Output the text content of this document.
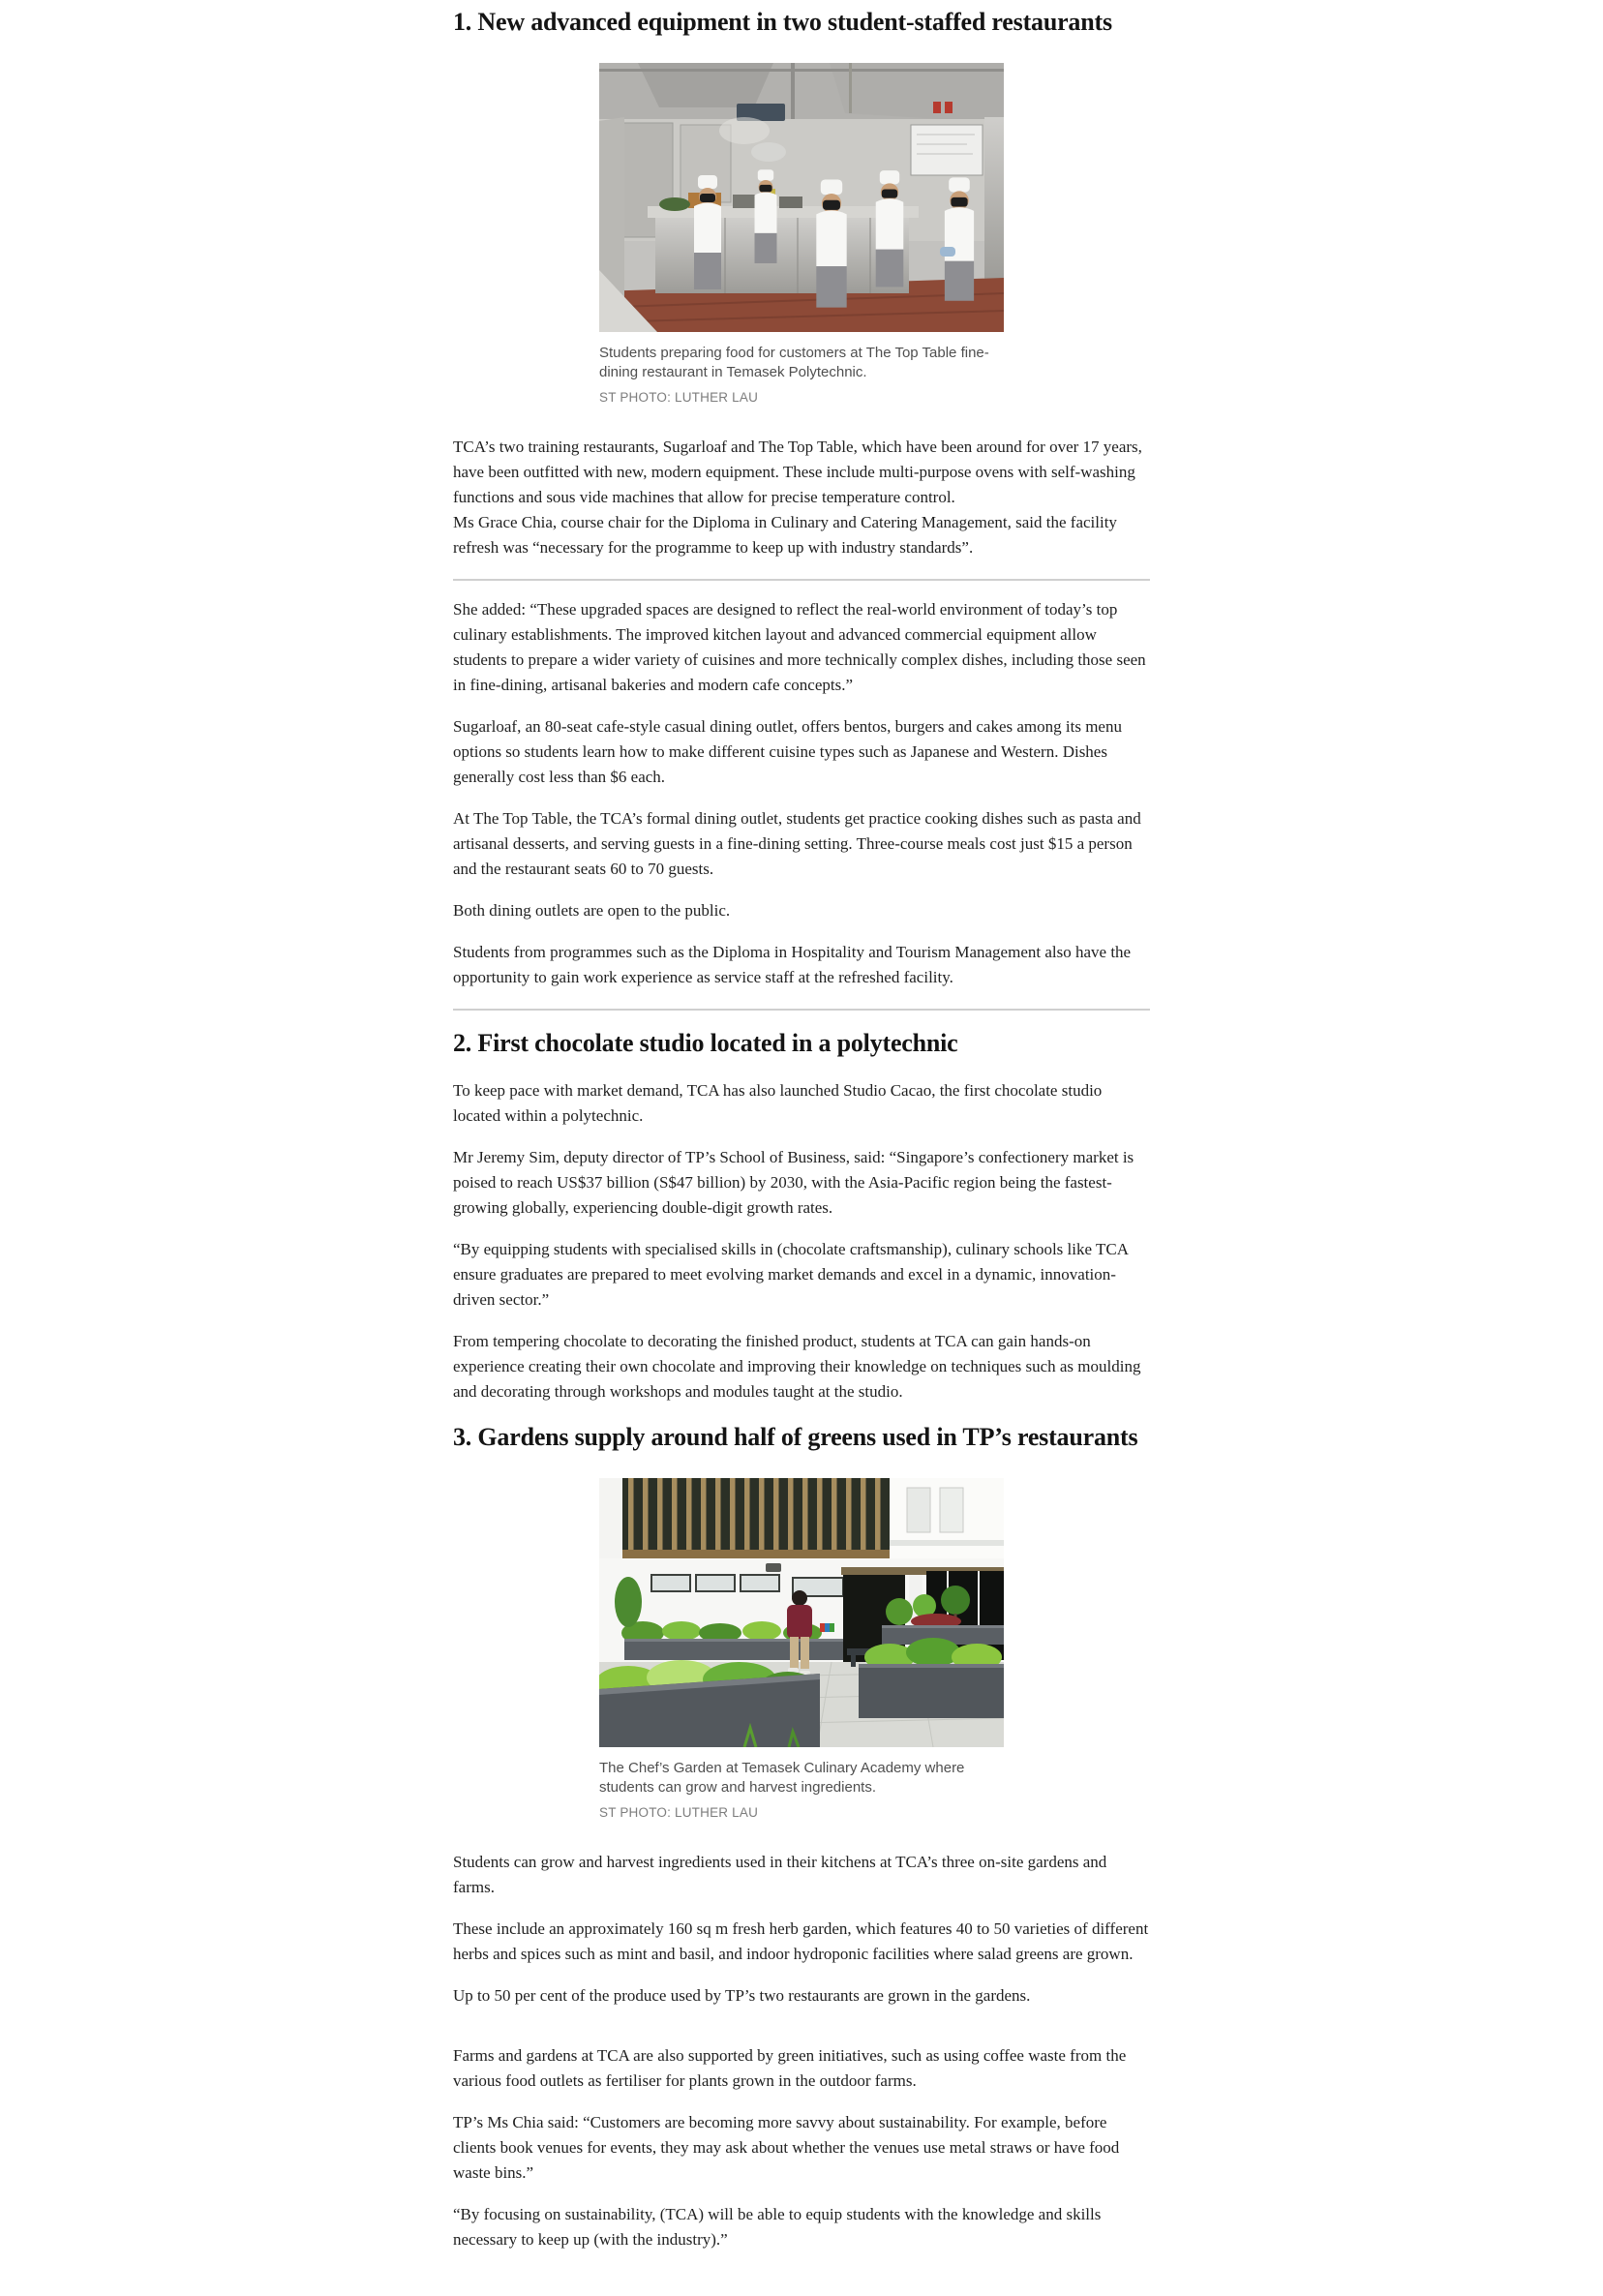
1. New advanced equipment in two student-staffed restaurants
Students preparing food for customers at The Top Table fine-dining restaurant in Temasek Polytechnic.
ST PHOTO: LUTHER LAU

TCA’s two training restaurants, Sugarloaf and The Top Table, which have been around for over 17 years, have been outfitted with new, modern equipment. These include multi-purpose ovens with self-washing functions and sous vide machines that allow for precise temperature control.

Ms Grace Chia, course chair for the Diploma in Culinary and Catering Management, said the facility refresh was “necessary for the programme to keep up with industry standards”.

She added: “These upgraded spaces are designed to reflect the real-world environment of today’s top culinary establishments. The improved kitchen layout and advanced commercial equipment allow students to prepare a wider variety of cuisines and more technically complex dishes, including those seen in fine-dining, artisanal bakeries and modern cafe concepts.”

Sugarloaf, an 80-seat cafe-style casual dining outlet, offers bentos, burgers and cakes among its menu options so students learn how to make different cuisine types such as Japanese and Western. Dishes generally cost less than $6 each.

At The Top Table, the TCA’s formal dining outlet, students get practice cooking dishes such as pasta and artisanal desserts, and serving guests in a fine-dining setting. Three-course meals cost just $15 a person and the restaurant seats 60 to 70 guests.

Both dining outlets are open to the public.

Students from programmes such as the Diploma in Hospitality and Tourism Management also have the opportunity to gain work experience as service staff at the refreshed facility.

2. First chocolate studio located in a polytechnic

To keep pace with market demand, TCA has also launched Studio Cacao, the first chocolate studio located within a polytechnic.

Mr Jeremy Sim, deputy director of TP’s School of Business, said: “Singapore’s confectionery market is poised to reach US$37 billion (S$47 billion) by 2030, with the Asia-Pacific region being the fastest-growing globally, experiencing double-digit growth rates.

“By equipping students with specialised skills in (chocolate craftsmanship), culinary schools like TCA ensure graduates are prepared to meet evolving market demands and excel in a dynamic, innovation-driven sector.”

From tempering chocolate to decorating the finished product, students at TCA can gain hands-on experience creating their own chocolate and improving their knowledge on techniques such as moulding and decorating through workshops and modules taught at the studio.

3. Gardens supply around half of greens used in TP’s restaurants
The Chef’s Garden at Temasek Culinary Academy where students can grow and harvest ingredients.
ST PHOTO: LUTHER LAU

Students can grow and harvest ingredients used in their kitchens at TCA’s three on-site gardens and farms.

These include an approximately 160 sq m fresh herb garden, which features 40 to 50 varieties of different herbs and spices such as mint and basil, and indoor hydroponic facilities where salad greens are grown.

Up to 50 per cent of the produce used by TP’s two restaurants are grown in the gardens.

Farms and gardens at TCA are also supported by green initiatives, such as using coffee waste from the various food outlets as fertiliser for plants grown in the outdoor farms.

TP’s Ms Chia said: “Customers are becoming more savvy about sustainability. For example, before clients book venues for events, they may ask about whether the venues use metal straws or have food waste bins.”

“By focusing on sustainability, (TCA) will be able to equip students with the knowledge and skills necessary to keep up (with the industry).”
